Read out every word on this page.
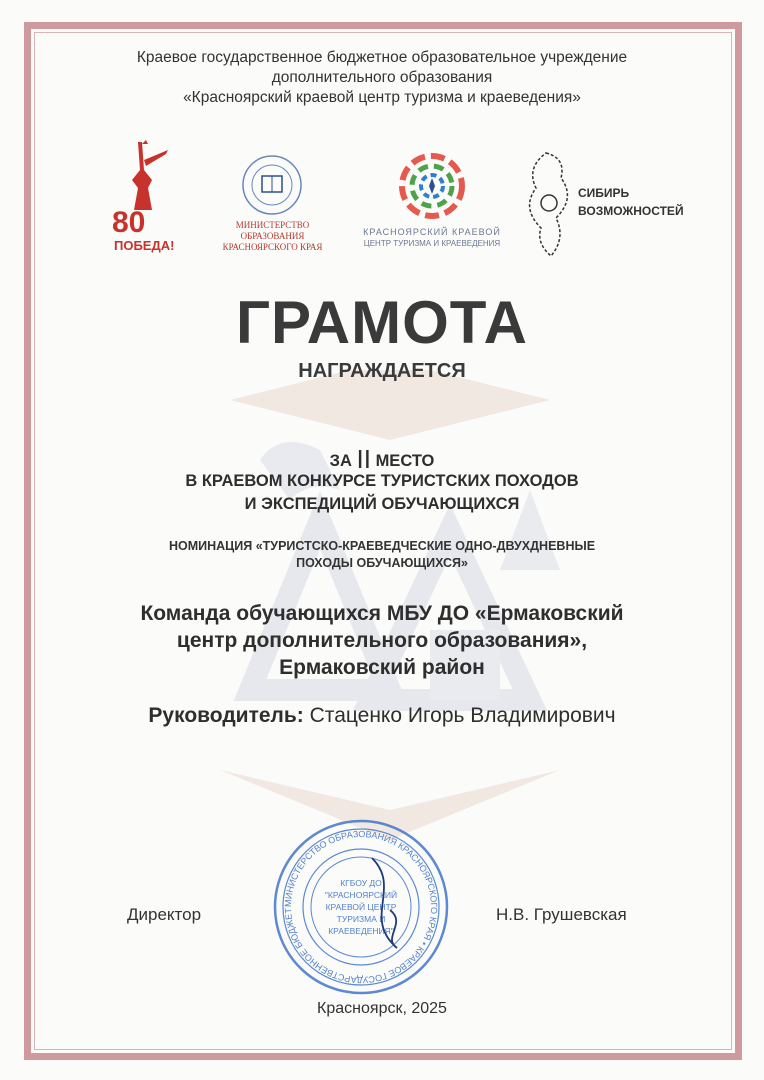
Краевое государственное бюджетное образовательное учреждение
дополнительного образования
«Красноярский краевой центр туризма и краеведения»
80
ПОБЕДА!
МИНИСТЕРСТВО
ОБРАЗОВАНИЯ
КРАСНОЯРСКОГО КРАЯ
КРАСНОЯРСКИЙ КРАЕВОЙ
ЦЕНТР ТУРИЗМА И КРАЕВЕДЕНИЯ
СИБИРЬ
ВОЗМОЖНОСТЕЙ
ГРАМОТА
НАГРАЖДАЕТСЯ
ЗА II МЕСТО
В КРАЕВОМ КОНКУРСЕ ТУРИСТСКИХ ПОХОДОВ
И ЭКСПЕДИЦИЙ ОБУЧАЮЩИХСЯ
НОМИНАЦИЯ «ТУРИСТСКО-КРАЕВЕДЧЕСКИЕ ОДНО-ДВУХДНЕВНЫЕ
ПОХОДЫ ОБУЧАЮЩИХСЯ»
Команда обучающихся МБУ ДО «Ермаковский
центр дополнительного образования»,
Ермаковский район
Руководитель: Стаценко Игорь Владимирович
МИНИСТЕРСТВО ОБРАЗОВАНИЯ КРАСНОЯРСКОГО КРАЯ • КРАЕВОЕ ГОСУДАРСТВЕННОЕ БЮДЖЕТ
КГБОУ ДО
"КРАСНОЯРСКИЙ
КРАЕВОЙ ЦЕНТР
ТУРИЗМА И
КРАЕВЕДЕНИЯ"
Директор	Н.В. Грушевская
Красноярск, 2025
